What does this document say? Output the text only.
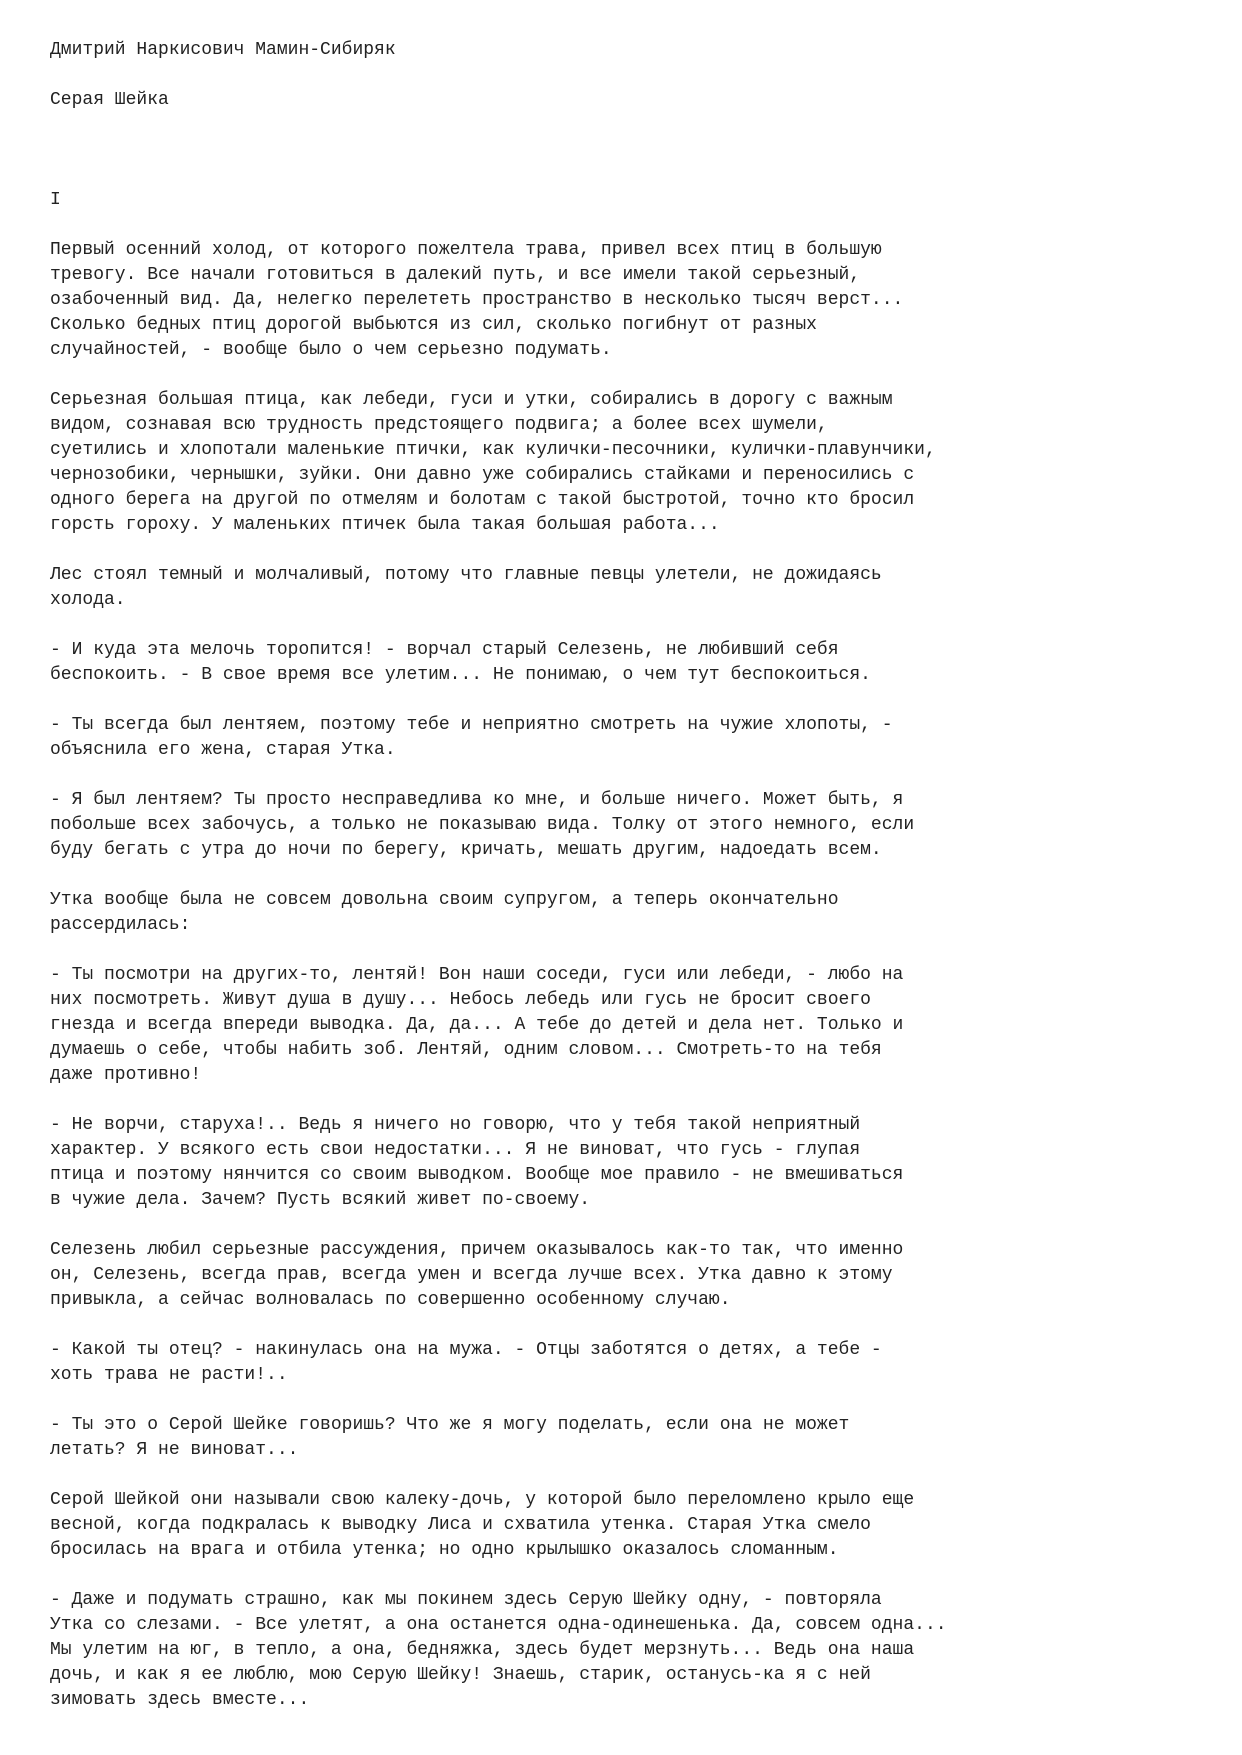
Дмитрий Наркисович Мамин-Сибиряк

Серая Шейка

I

Первый осенний холод, от которого пожелтела трава, привел всех птиц в большую

тревогу. Все начали готовиться в далекий путь, и все имели такой серьезный,

озабоченный вид. Да, нелегко перелететь пространство в несколько тысяч верст...

Сколько бедных птиц дорогой выбьются из сил, сколько погибнут от разных

случайностей, - вообще было о чем серьезно подумать.

Серьезная большая птица, как лебеди, гуси и утки, собирались в дорогу с важным

видом, сознавая всю трудность предстоящего подвига; а более всех шумели,

суетились и хлопотали маленькие птички, как кулички-песочники, кулички-плавунчики,

чернозобики, чернышки, зуйки. Они давно уже собирались стайками и переносились с

одного берега на другой по отмелям и болотам с такой быстротой, точно кто бросил

горсть гороху. У маленьких птичек была такая большая работа...

Лес стоял темный и молчаливый, потому что главные певцы улетели, не дожидаясь

холода.

- И куда эта мелочь торопится! - ворчал старый Селезень, не любивший себя

беспокоить. - В свое время все улетим... Не понимаю, о чем тут беспокоиться.

- Ты всегда был лентяем, поэтому тебе и неприятно смотреть на чужие хлопоты, -

объяснила его жена, старая Утка.

- Я был лентяем? Ты просто несправедлива ко мне, и больше ничего. Может быть, я

побольше всех забочусь, а только не показываю вида. Толку от этого немного, если

буду бегать с утра до ночи по берегу, кричать, мешать другим, надоедать всем.

Утка вообще была не совсем довольна своим супругом, а теперь окончательно

рассердилась:

- Ты посмотри на других-то, лентяй! Вон наши соседи, гуси или лебеди, - любо на

них посмотреть. Живут душа в душу... Небось лебедь или гусь не бросит своего

гнезда и всегда впереди выводка. Да, да... А тебе до детей и дела нет. Только и

думаешь о себе, чтобы набить зоб. Лентяй, одним словом... Смотреть-то на тебя

даже противно!

- Не ворчи, старуха!.. Ведь я ничего но говорю, что у тебя такой неприятный

характер. У всякого есть свои недостатки... Я не виноват, что гусь - глупая

птица и поэтому нянчится со своим выводком. Вообще мое правило - не вмешиваться

в чужие дела. Зачем? Пусть всякий живет по-своему.

Селезень любил серьезные рассуждения, причем оказывалось как-то так, что именно

он, Селезень, всегда прав, всегда умен и всегда лучше всех. Утка давно к этому

привыкла, а сейчас волновалась по совершенно особенному случаю.

- Какой ты отец? - накинулась она на мужа. - Отцы заботятся о детях, а тебе -

хоть трава не расти!..

- Ты это о Серой Шейке говоришь? Что же я могу поделать, если она не может

летать? Я не виноват...

Серой Шейкой они называли свою калеку-дочь, у которой было переломлено крыло еще

весной, когда подкралась к выводку Лиса и схватила утенка. Старая Утка смело

бросилась на врага и отбила утенка; но одно крылышко оказалось сломанным.

- Даже и подумать страшно, как мы покинем здесь Серую Шейку одну, - повторяла

Утка со слезами. - Все улетят, а она останется одна-одинешенька. Да, совсем одна...

Мы улетим на юг, в тепло, а она, бедняжка, здесь будет мерзнуть... Ведь она наша

дочь, и как я ее люблю, мою Серую Шейку! Знаешь, старик, останусь-ка я с ней

зимовать здесь вместе...
